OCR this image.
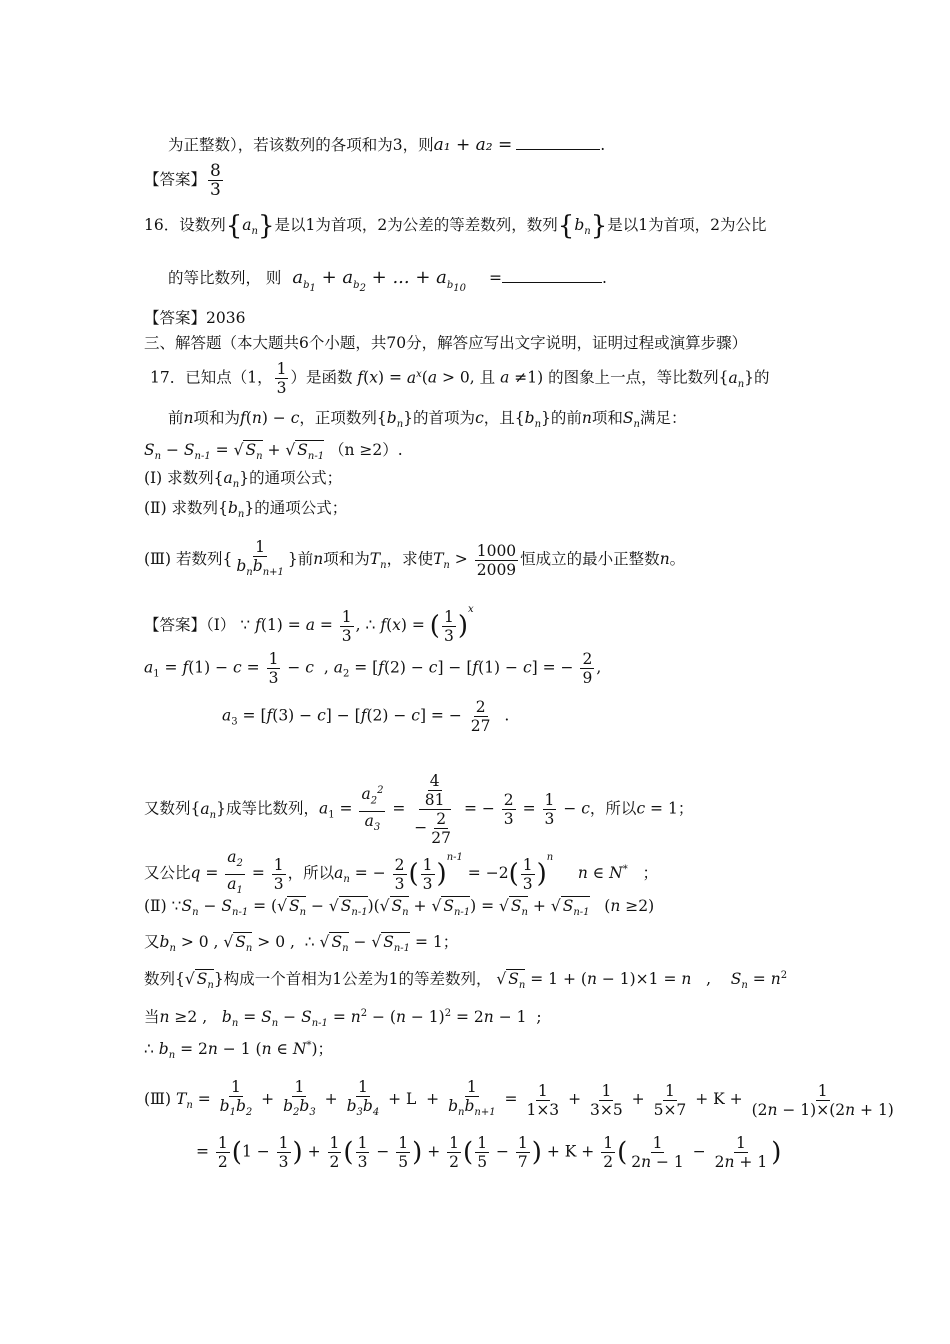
为正整数），若该数列的各项和为3，则a₁ + a₂ =	.
【答案】 $\frac{8}{3}$
16．设数列$\{a_n\}$是以1为首项，2为公差的等差数列，数列$\{b_n\}$是以1为首项，2为公比
的等比数列， 则 $a_{b_1} + a_{b_2}$ + ... + $a_{b_{10}}$ =	.
【答案】2036
三、解答题（本大题共6个小题，共70分，解答应写出文字说明，证明过程或演算步骤）
17．已知点（1， $\frac{1}{3}$ ）是函数 $f(x) = a^x(a > 0$, 且 a ≠1) 的图象上一点，等比数列$\{a_n\}$的
前n项和为f(n) − c，正项数列$\{b_n\}$的首项为c，且$\{b_n\}$的前n项和$S_n$满足：
$S_n - S_{n-1}$ = √ $S_n$ + √ $S_{n-1}$ （n ≥2）.
(Ⅰ) 求数列$\{a_n\}$的通项公式；
(Ⅱ) 求数列$\{b_n\}$的通项公式；
(Ⅲ) 若数列{
1
$b_nb_{n+1}$
}前n项和为$T_n$，求使$T_n > \frac{1000}{2009}$ 恒成立的最小正整数n。
【答案】（Ⅰ） ∵ $f(1) = a = \frac{1}{3}$ , ∴ f(x) = ( $\frac{1}{3} )^x$
$a_1 = f(1) - c = \frac{1}{3} - c$  , $a_2 = [f(2) - c] - [f(1) - c]$ = − $\frac{2}{9}$ ,
$a_3 = [f(3) - c] - [f(2) - c]$ = − $\frac{2}{27}$ .
又数列$\{a_n\}$成等比数列，$a_1 = \frac{a_2^2}{a_3} = \frac{\frac{4}{81}}{- \frac{2}{27}}$ = − $\frac{2}{3} = \frac{1}{3} - c$，所以c = 1；
又公比$q = \frac{a_2}{a_1} = \frac{1}{3}$ ，所以$a_n$ = − $\frac{2}{3}$ ( $\frac{1}{3} )^{n-1} = -2( \frac{1}{3} )^n$     n ∈ N*   ；
(Ⅱ) $\because S_n - S_{n-1}$ = (√ $S_n$ − √ $S_{n-1})(√$ $S_n$ + √ $S_{n-1}$) = √ $S_n$ + √ $S_{n-1}$   (n ≥2)
又$b_n > 0$ , √ $S_n > 0$ ,  ∴ √ $S_n$ − √ $S_{n-1} = 1$；
数列{√ $S_n$}构成一个首相为1公差为1的等差数列， √ $S_n = 1 + (n - 1)\times 1 = n$   ,    $S_n = n^2$
当n ≥2 ,   $b_n = S_n - S_{n-1} = n^2 - (n - 1)^2 = 2n - 1$  ;
∴ $b_n = 2n - 1$ (n ∈ N*)；
(Ⅲ) $T_n = \frac{1}{b_1b_2} + \frac{1}{b_2b_3} + \frac{1}{b_3b_4} + L$  +
1
$b_nb_{n+1}$
= $\frac{1}{1\times 3} + \frac{1}{3\times 5} + \frac{1}{5\times 7} + K + \frac{1}{(2n - 1)\times(2n + 1)}$
= $\frac{1}{2} (1 - \frac{1}{3}$ ) + $\frac{1}{2}$ ( $\frac{1}{3} - \frac{1}{5}$ ) + $\frac{1}{2}$ ( $\frac{1}{5} - \frac{1}{7}$ ) + $K + \frac{1}{2}$ ( $\frac{1}{2n - 1} - \frac{1}{2n + 1}$ )
